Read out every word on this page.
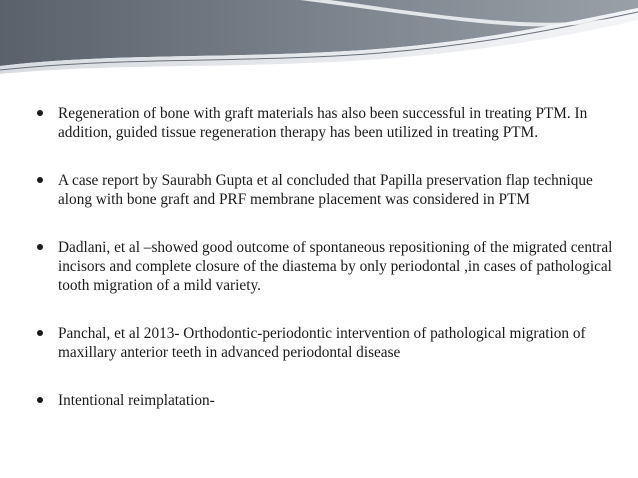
Regeneration of bone with graft materials has also been successful in treating PTM. In addition, guided tissue regeneration therapy has been utilized in treating PTM.
A case report by Saurabh Gupta et al concluded that Papilla preservation flap technique along with bone graft and PRF membrane placement was considered in PTM
Dadlani, et al –showed good outcome of spontaneous repositioning of the migrated central incisors and complete closure of the diastema by only periodontal ,in cases of pathological tooth migration of a mild variety.
Panchal, et al 2013- Orthodontic-periodontic intervention of pathological migration of maxillary anterior teeth in advanced periodontal disease
Intentional reimplatation-
